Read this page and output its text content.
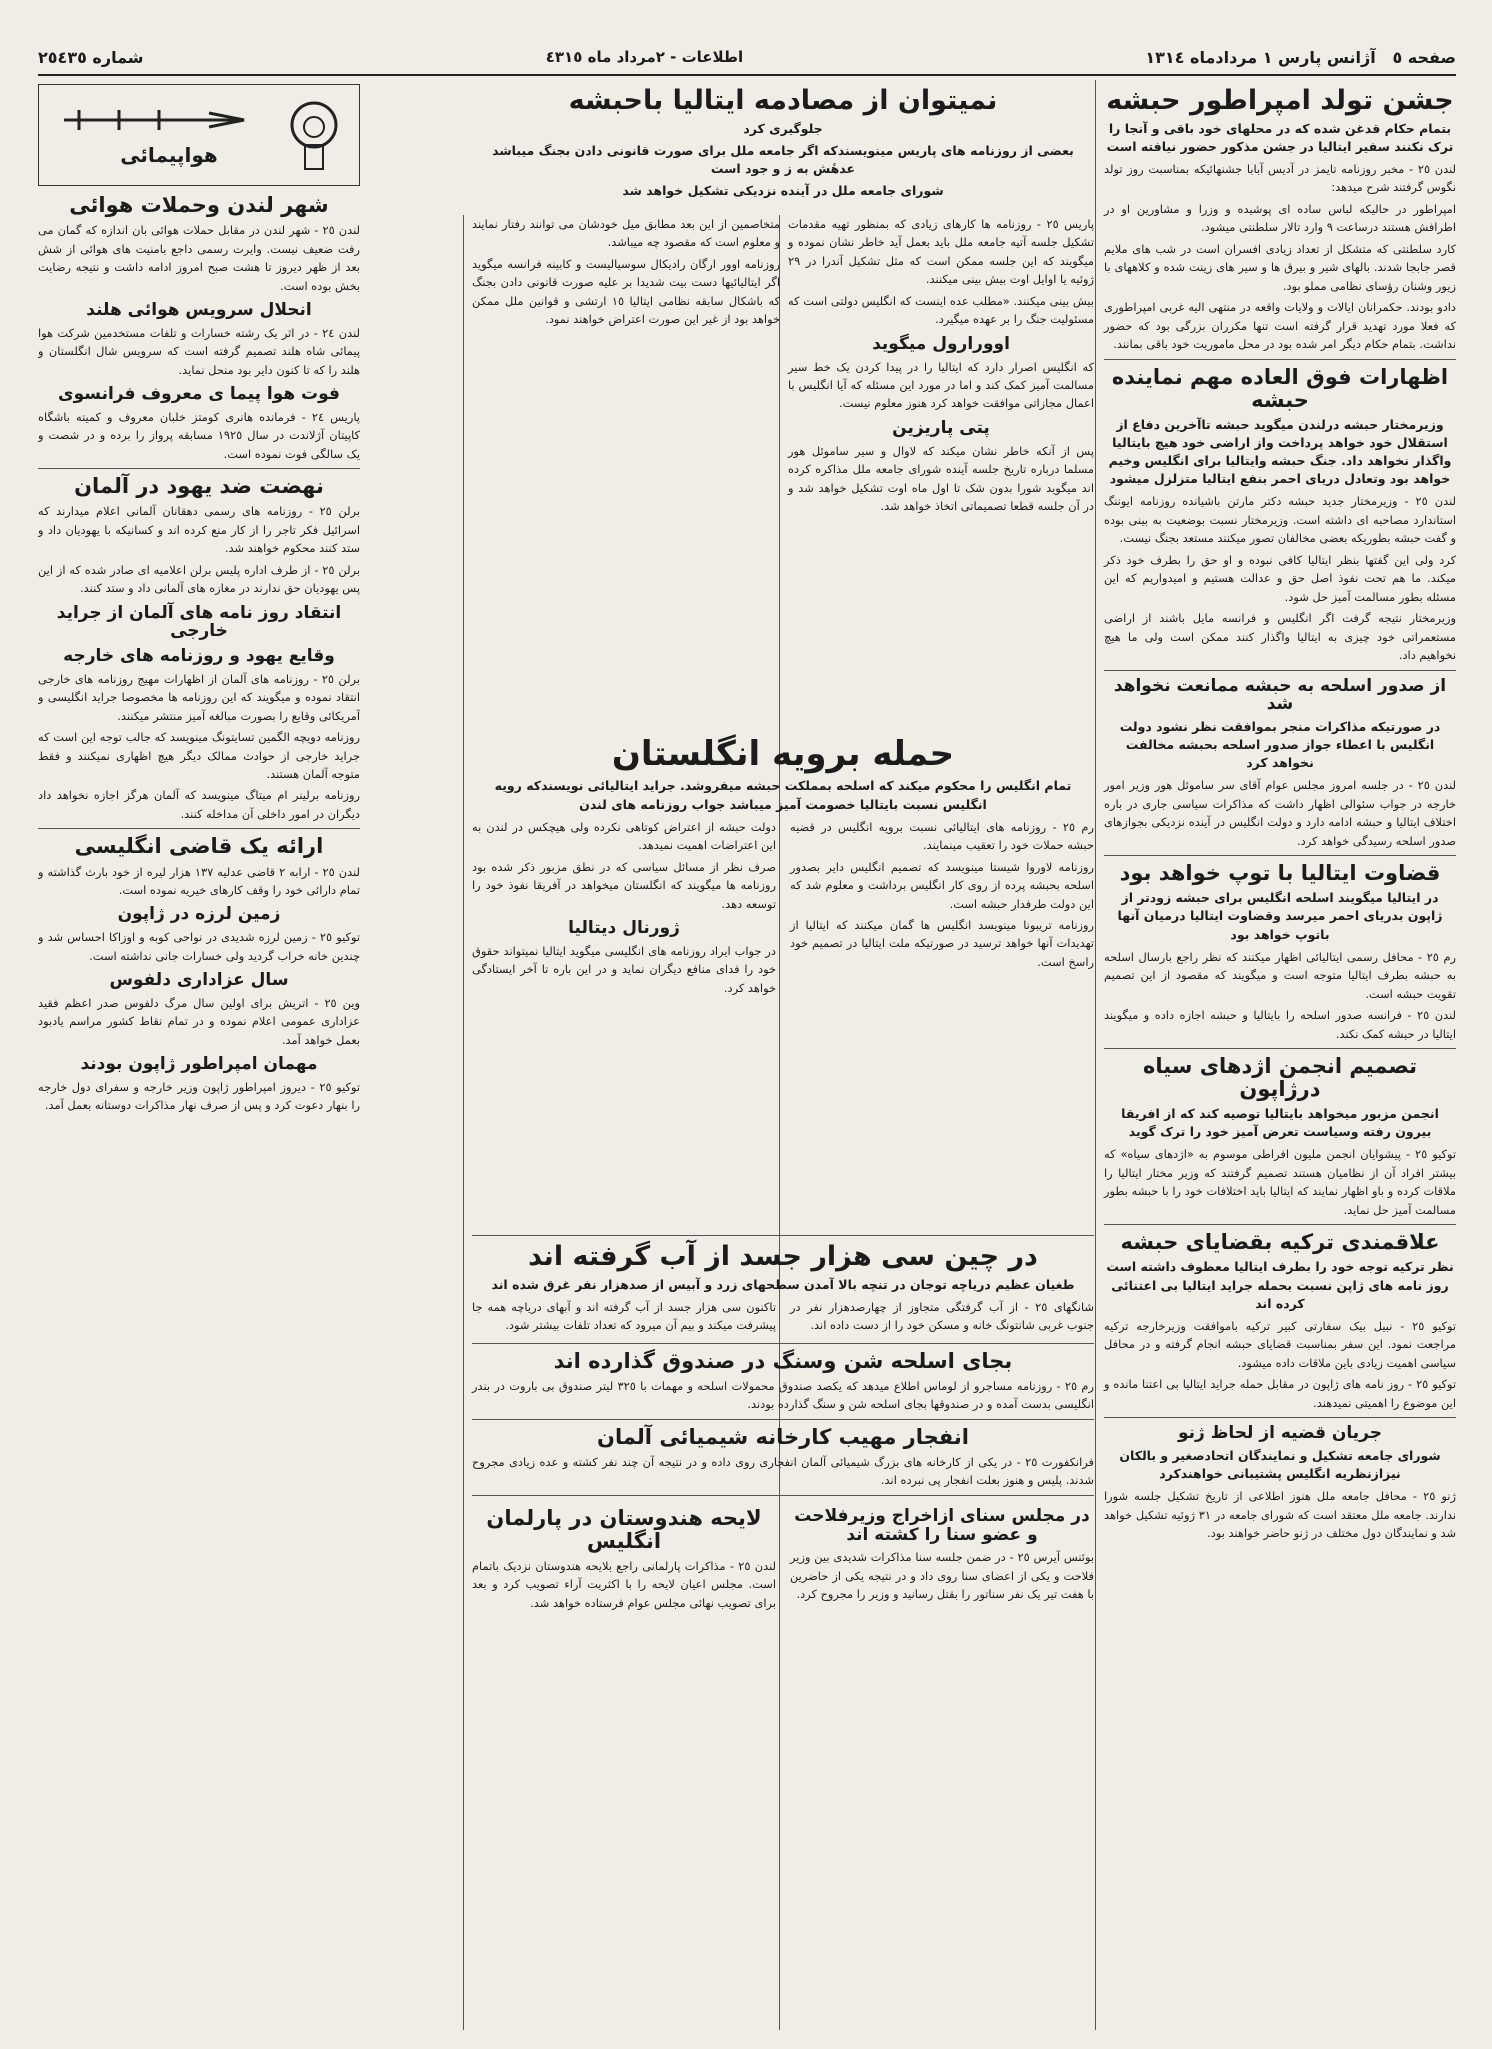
صفحه ٥   آژانس پارس ١ مردادماه ١٣١٤
اطلاعات - ٢مرداد ماه ٤٣١٥
شماره ٢٥٤٣٥
جشن تولد امپراطور حبشه
بتمام حکام قدغن شده که در محلهای خود باقی و آنجا را ترک نکنند سفیر ایتالیا در جشن مذکور حضور نیافته است

لندن ٢٥ - مخبر روزنامه تایمز در آدیس آبابا جشنهائیکه بمناسبت روز تولد نگوس گرفتند شرح میدهد:

امپراطور در حالیکه لباس ساده ای پوشیده و وزرا و مشاورین او در اطرافش هستند درساعت ٩ وارد تالار سلطنتی میشود.

کارد سلطنتی که متشکل از تعداد زیادی افسران است در شب های ملایم قصر جابجا شدند. بالهای شیر و بیرق ها و سیر های زینت شده و کلاههای با زیور وشنان رؤسای نظامی مملو بود.

دادو بودند. حکمرانان ایالات و ولایات واقعه در منتهی الیه غربی امپراطوری که فعلا مورد تهدید قرار گرفته است تنها مکرران بزرگی بود که حضور نداشت. بتمام حکام دیگر امر شده بود در محل ماموریت خود باقی بمانند.

اظهارات فوق العاده مهم نماینده حبشه
وزیرمختار حبشه درلندن میگوید حبشه تاآخرین دفاع از استقلال خود خواهد پرداخت واز اراضی خود هیچ بایتالیا واگذار نخواهد داد. جنگ حبشه وایتالیا برای انگلیس وخیم خواهد بود وتعادل دریای احمر بنفع ایتالیا متزلزل میشود

لندن ٢٥ - وزیرمختار جدید حبشه دکتر مارتن باشیانده روزنامه ایوننگ استاندارد مصاحبه ای داشته است. وزیرمختار نسبت بوضعیت به بینی بوده و گفت حبشه بطوریکه بعضی مخالفان تصور میکنند مستعد بجنگ نیست.

کرد ولی این گفتها بنظر ایتالیا کافی نبوده و او حق را بطرف خود ذکر میکند. ما هم تحت نفوذ اصل حق و عدالت هستیم و امیدواریم که این مسئله بطور مسالمت آمیز حل شود.

وزیرمختار نتیجه گرفت اگر انگلیس و فرانسه مایل باشند از اراضی مستعمراتی خود چیزی به ایتالیا واگذار کنند ممکن است ولی ما هیچ نخواهیم داد.

از صدور اسلحه به حبشه ممانعت نخواهد شد
در صورتیکه مذاکرات منجر بموافقت نظر نشود دولت انگلیس با اعطاء جواز صدور اسلحه بحبشه مخالفت نخواهد کرد

لندن ٢٥ - در جلسه امروز مجلس عوام آقای سر ساموئل هور وزیر امور خارجه در جواب سئوالی اظهار داشت که مذاکرات سیاسی جاری در باره اختلاف ایتالیا و حبشه ادامه دارد و دولت انگلیس در آینده نزدیکی بجوازهای صدور اسلحه رسیدگی خواهد کرد.

قضاوت ایتالیا با توپ خواهد بود
در ایتالیا میگویند اسلحه انگلیس برای حبشه زودتر از ژاپون بدریای احمر میرسد وقضاوت ایتالیا درمیان آنها باتوپ خواهد بود

رم ٢٥ - محافل رسمی ایتالیائی اظهار میکنند که نظر راجع بارسال اسلحه به حبشه بطرف ایتالیا متوجه است و میگویند که مقصود از این تصمیم تقویت حبشه است.

لندن ٢٥ - فرانسه صدور اسلحه را بایتالیا و حبشه اجازه داده و میگویند ایتالیا در حبشه کمک نکند.

تصمیم انجمن اژدهای سیاه درژاپون
انجمن مزبور میخواهد بایتالیا توصیه کند که از افریقا بیرون رفته وسیاست تعرض آمیز خود را ترک گوید

توکیو ٢٥ - پیشوایان انجمن ملیون افراطی موسوم به «اژدهای سیاه» که بیشتر افراد آن از نظامیان هستند تصمیم گرفتند که وزیر مختار ایتالیا را ملاقات کرده و باو اظهار نمایند که ایتالیا باید اختلافات خود را با حبشه بطور مسالمت آمیز حل نماید.

علاقمندی ترکیه بقضایای حبشه
نظر ترکیه توجه خود را بطرف ایتالیا معطوف داشته است روز نامه های ژاپن نسبت بحمله جراید ایتالیا بی اعتنائی کرده اند

توکیو ٢٥ - نبیل بیک سفارتی کبیر ترکیه باموافقت وزیرخارجه ترکیه مراجعت نمود. این سفر بمناسبت قضایای حبشه انجام گرفته و در محافل سیاسی اهمیت زیادی باین ملاقات داده میشود.

توکیو ٢٥ - روز نامه های ژاپون در مقابل حمله جراید ایتالیا بی اعتنا مانده و این موضوع را اهمیتی نمیدهند.

جریان قضیه از لحاظ ژنو
شورای جامعه تشکیل و نمایندگان اتحادصغیر و بالکان نیزازنظریه انگلیس پشتیبانی خواهندکرد

ژنو ٢٥ - محافل جامعه ملل هنوز اطلاعی از تاریخ تشکیل جلسه شورا ندارند. جامعه ملل معتقد است که شورای جامعه در ٣١ ژوئیه تشکیل خواهد شد و نمایندگان دول مختلف در ژنو حاضر خواهند بود.

نمیتوان از مصادمه ایتالیا باحبشه
جلوگیری کرد
بعضی از روزنامه های پاریس مینویسندکه اگر جامعه ملل برای صورت قانونی دادن بجنگ میباشد عدهٔش به ز و جود است
شورای جامعه ملل در آینده نزدیکی تشکیل خواهد شد

پاریس ٢٥ - روزنامه ها کارهای زیادی که بمنظور تهیه مقدمات تشکیل جلسه آتیه جامعه ملل باید بعمل آید خاطر نشان نموده و میگویند که این جلسه ممکن است که مثل تشکیل آندرا در ٢٩ ژوئیه یا اوایل اوت بیش بینی میکنند.

بیش بینی میکنند. «مطلب عده اینست که انگلیس دولتی است که مسئولیت جنگ را بر عهده میگیرد.

اوورارول میگوید

که انگلیس اصرار دارد که ایتالیا را در پیدا کردن یک خط سیر مسالمت آمیز کمک کند و اما در مورد این مسئله که آیا انگلیس با اعمال مجازاتی موافقت خواهد کرد هنوز معلوم نیست.

پتی پاریزین

پس از آنکه خاطر نشان میکند که لاوال و سیر ساموئل هور مسلما درباره تاریخ جلسه آینده شورای جامعه ملل مذاکره کرده اند میگوید شورا بدون شک تا اول ماه اوت تشکیل خواهد شد و در آن جلسه قطعا تصمیماتی اتخاذ خواهد شد.

متخاصمین از این بعد مطابق میل خودشان می توانند رفتار نمایند و معلوم است که مقصود چه میباشد.

روزنامه اوور ارگان رادیکال سوسیالیست و کابینه فرانسه میگوید اگر ایتالیائیها دست بیت شدیدا بر علیه صورت قانونی دادن بجنگ که باشکال سابقه نظامی ایتالیا ١٥ ارتشی و قوانین ملل ممکن خواهد بود از غیر این صورت اعتراض خواهند نمود.

حمله برویه انگلستان
تمام انگلیس را محکوم میکند که اسلحه بمملکت حبشه میفروشد. جراید ایتالیائی نویسندکه رویه انگلیس نسبت بایتالیا خصومت آمیز میباشد جواب روزنامه های لندن

رم ٢٥ - روزنامه های ایتالیائی نسبت برویه انگلیس در قضیه حبشه حملات خود را تعقیب مینمایند.

روزنامه لاوروا شیستا مینویسد که تصمیم انگلیس دایر بصدور اسلحه بحبشه پرده از روی کار انگلیس برداشت و معلوم شد که این دولت طرفدار حبشه است.

روزنامه تریبونا مینویسد انگلیس ها گمان میکنند که ایتالیا از تهدیدات آنها خواهد ترسید در صورتیکه ملت ایتالیا در تصمیم خود راسخ است.

دولت حبشه از اعتراض کوتاهی نکرده ولی هیچکس در لندن به این اعتراضات اهمیت نمیدهد.

صرف نظر از مسائل سیاسی که در نطق مزبور ذکر شده بود روزنامه ها میگویند که انگلستان میخواهد در آفریقا نفوذ خود را توسعه دهد.

ژورنال دیتالیا

در جواب ایراد روزنامه های انگلیسی میگوید ایتالیا نمیتواند حقوق خود را فدای منافع دیگران نماید و در این باره تا آخر ایستادگی خواهد کرد.

در چین سی هزار جسد از آب گرفته اند
طغیان عظیم دریاچه توجان در تنچه بالا آمدن سطحهای زرد و آبیس از صدهزار نفر غرق شده اند

شانگهای ٢٥ - از آب گرفتگی متجاوز از چهارصدهزار نفر در جنوب غربی شانتونگ خانه و مسکن خود را از دست داده اند.

تاکنون سی هزار جسد از آب گرفته اند و آبهای دریاچه همه جا پیشرفت میکند و بیم آن میرود که تعداد تلفات بیشتر شود.

بجای اسلحه شن وسنگ در صندوق گذارده اند

رم ٢٥ - روزنامه مساجرو از لوماس اطلاع میدهد که یکصد صندوق محمولات اسلحه و مهمات با ٣٢٥ لیتر صندوق بی باروت در بندر انگلیسی بدست آمده و در صندوقها بجای اسلحه شن و سنگ گذارده بودند.

انفجار مهیب کارخانه شیمیائی آلمان

فرانکفورت ٢٥ - در یکی از کارخانه های بزرگ شیمیائی آلمان انفجاری روی داده و در نتیجه آن چند نفر کشته و عده زیادی مجروح شدند. پلیس و هنوز بعلت انفجار پی نبرده اند.

در مجلس سنای ازاخراج وزیرفلاحت و عضو سنا را کشته اند

بوئنس آیرس ٢٥ - در ضمن جلسه سنا مذاکرات شدیدی بین وزیر فلاحت و یکی از اعضای سنا روی داد و در نتیجه یکی از حاضرین با هفت تیر یک نفر سناتور را بقتل رسانید و وزیر را مجروح کرد.

لایحه هندوستان در پارلمان انگلیس

لندن ٢٥ - مذاکرات پارلمانی راجع بلایحه هندوستان نزدیک باتمام است. مجلس اعیان لایحه را با اکثریت آراء تصویب کرد و بعد برای تصویب نهائی مجلس عوام فرستاده خواهد شد.

هواپیمائی
شهر لندن وحملات هوائی

لندن ٢٥ - شهر لندن در مقابل حملات هوائی بان اندازه که گمان می رفت ضعیف نیست. وایرت رسمی داجع بامنیت های هوائی از شش بعد از ظهر دیروز تا هشت صبح امروز ادامه داشت و نتیجه رضایت بخش بوده است.

انحلال سرویس هوائی هلند

لندن ٢٤ - در اثر یک رشته خسارات و تلفات مستخدمین شرکت هوا پیمائی شاه هلند تصمیم گرفته است که سرویس شال انگلستان و هلند را که تا کنون دایر بود منحل نماید.

فوت هوا پیما ی معروف فرانسوی

پاریس ٢٤ - فرمانده هانری کومتز خلبان معروف و کمیته باشگاه کاپیتان آژلاندت در سال ١٩٢٥ مسابقه پرواز را برده و در شصت و یک سالگی فوت نموده است.

نهضت ضد یهود در آلمان

برلن ٢٥ - روزنامه های رسمی دهقانان آلمانی اعلام میدارند که اسرائیل فکر تاجر را از کار منع کرده اند و کسانیکه با یهودیان داد و ستد کنند محکوم خواهند شد.

برلن ٢٥ - از طرف اداره پلیس برلن اعلامیه ای صادر شده که از این پس یهودیان حق ندارند در مغازه های آلمانی داد و ستد کنند.

انتقاد روز نامه های آلمان از جراید خارجی
وقایع یهود و روزنامه های خارجه

برلن ٢٥ - روزنامه های آلمان از اظهارات مهیج روزنامه های خارجی انتقاد نموده و میگویند که این روزنامه ها مخصوصا جراید انگلیسی و آمریکائی وقایع را بصورت مبالغه آمیز منتشر میکنند.

روزنامه دویچه الگمین تسایتونگ مینویسد که جالب توجه این است که جراید خارجی از حوادث ممالک دیگر هیچ اظهاری نمیکنند و فقط متوجه آلمان هستند.

روزنامه برلینر ام میتاگ مینویسد که آلمان هرگز اجازه نخواهد داد دیگران در امور داخلی آن مداخله کنند.

ارائه یک قاضی انگلیسی

لندن ٢٥ - ارابه ٢ قاضی عدلیه ١٣٧ هزار لیره از خود بارث گذاشته و تمام دارائی خود را وقف کارهای خیریه نموده است.

زمین لرزه در ژاپون

توکیو ٢٥ - زمین لرزه شدیدی در نواحی کوبه و اوزاکا احساس شد و چندین خانه خراب گردید ولی خسارات جانی نداشته است.

سال عزاداری دلفوس

وین ٢٥ - اتریش برای اولین سال مرگ دلفوس صدر اعظم فقید عزاداری عمومی اعلام نموده و در تمام نقاط کشور مراسم یادبود بعمل خواهد آمد.

مهمان امپراطور ژاپون بودند

توکیو ٢٥ - دیروز امپراطور ژاپون وزیر خارجه و سفرای دول خارجه را بنهار دعوت کرد و پس از صرف نهار مذاکرات دوستانه بعمل آمد.
